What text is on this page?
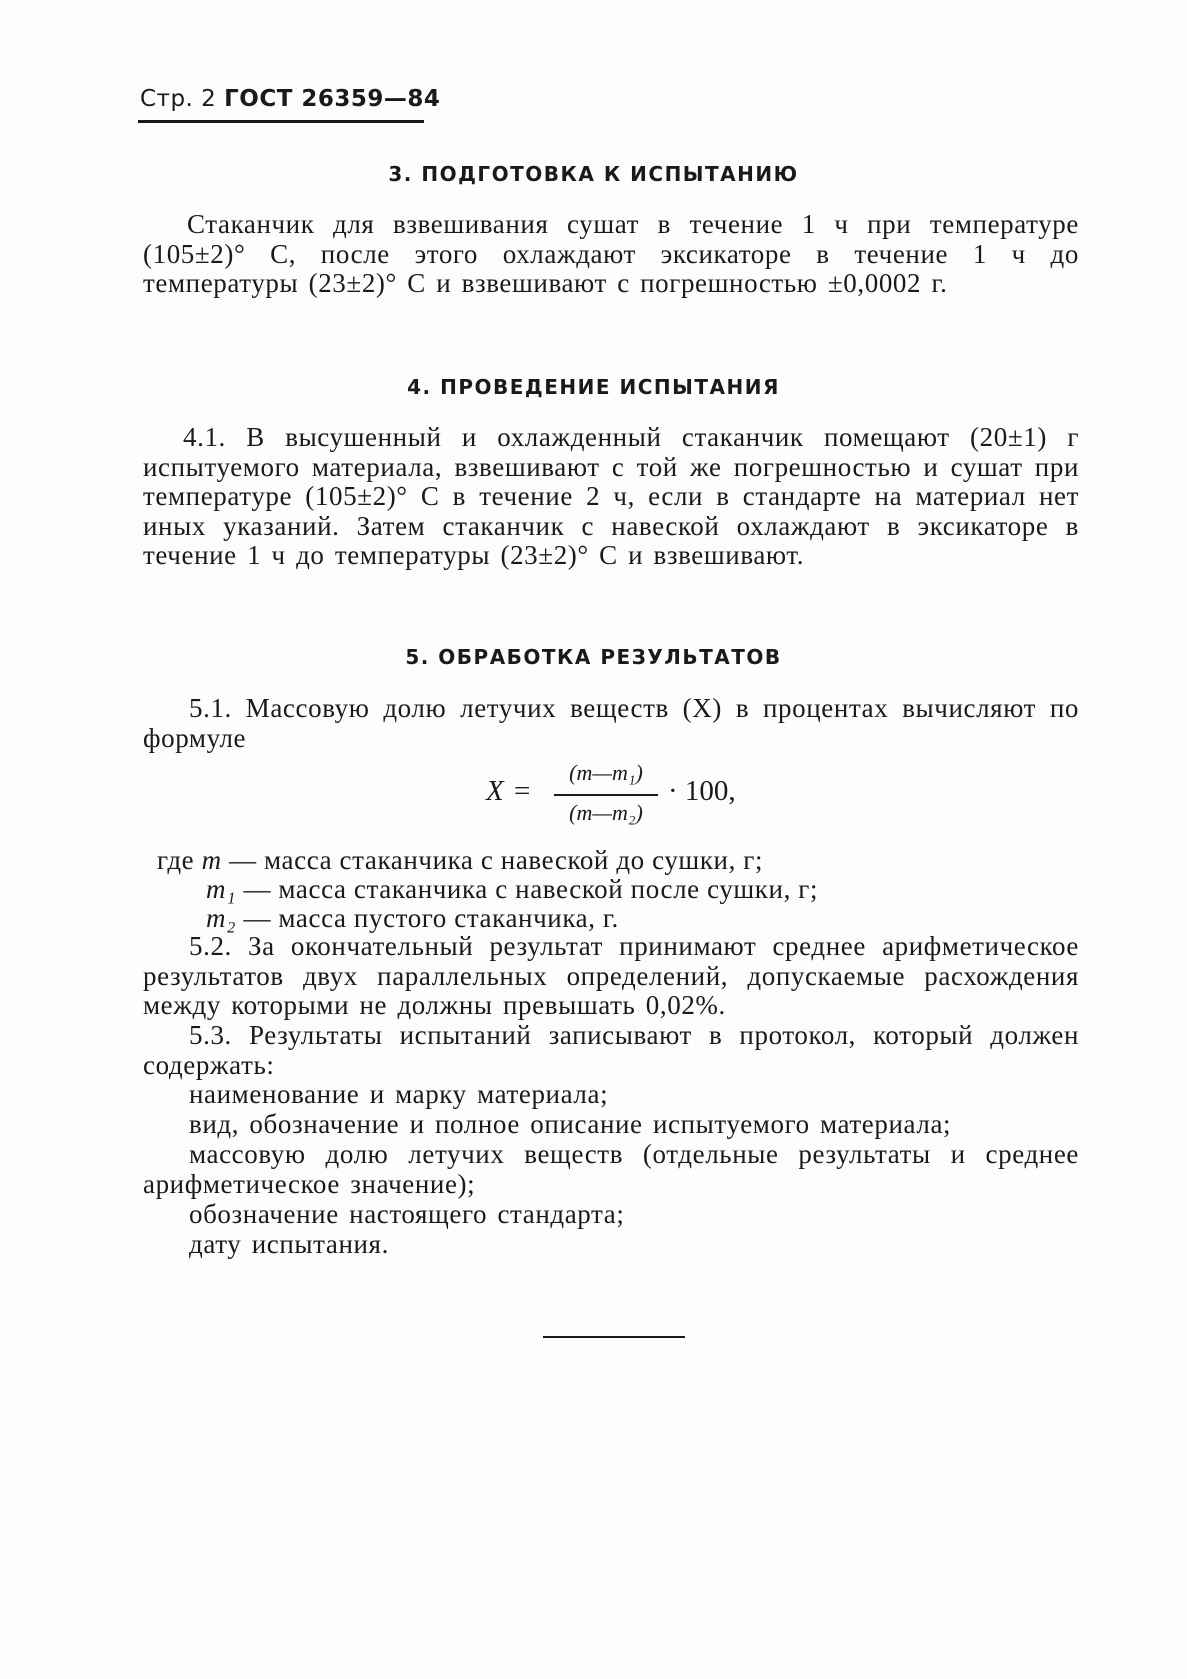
Стр. 2 ГОСТ 26359—84
3. ПОДГОТОВКА К ИСПЫТАНИЮ
Стаканчик для взвешивания сушат в течение 1 ч при температуре (105±2)° С, после этого охлаждают эксикаторе в течение 1 ч до температуры (23±2)° С и взвешивают с погрешностью ±0,0002 г.
4. ПРОВЕДЕНИЕ ИСПЫТАНИЯ
4.1. В высушенный и охлажденный стаканчик помещают (20±1) г испытуемого материала, взвешивают с той же погрешностью и сушат при температуре (105±2)° С в течение 2 ч, если в стандарте на материал нет иных указаний. Затем стаканчик с навеской охлаждают в эксикаторе в течение 1 ч до температуры (23±2)° С и взвешивают.
5. ОБРАБОТКА РЕЗУЛЬТАТОВ
5.1. Массовую долю летучих веществ (X) в процентах вычисляют по формуле
X =
(m—m₁)
(m—m₂)
· 100,
где m — масса стаканчика с навеской до сушки, г;
m₁ — масса стаканчика с навеской после сушки, г;
m₂ — масса пустого стаканчика, г.
5.2. За окончательный результат принимают среднее арифметическое результатов двух параллельных определений, допускаемые расхождения между которыми не должны превышать 0,02%.
5.3. Результаты испытаний записывают в протокол, который должен содержать:
наименование и марку материала;
вид, обозначение и полное описание испытуемого материала;
массовую долю летучих веществ (отдельные результаты и среднее арифметическое значение);
обозначение настоящего стандарта;
дату испытания.
